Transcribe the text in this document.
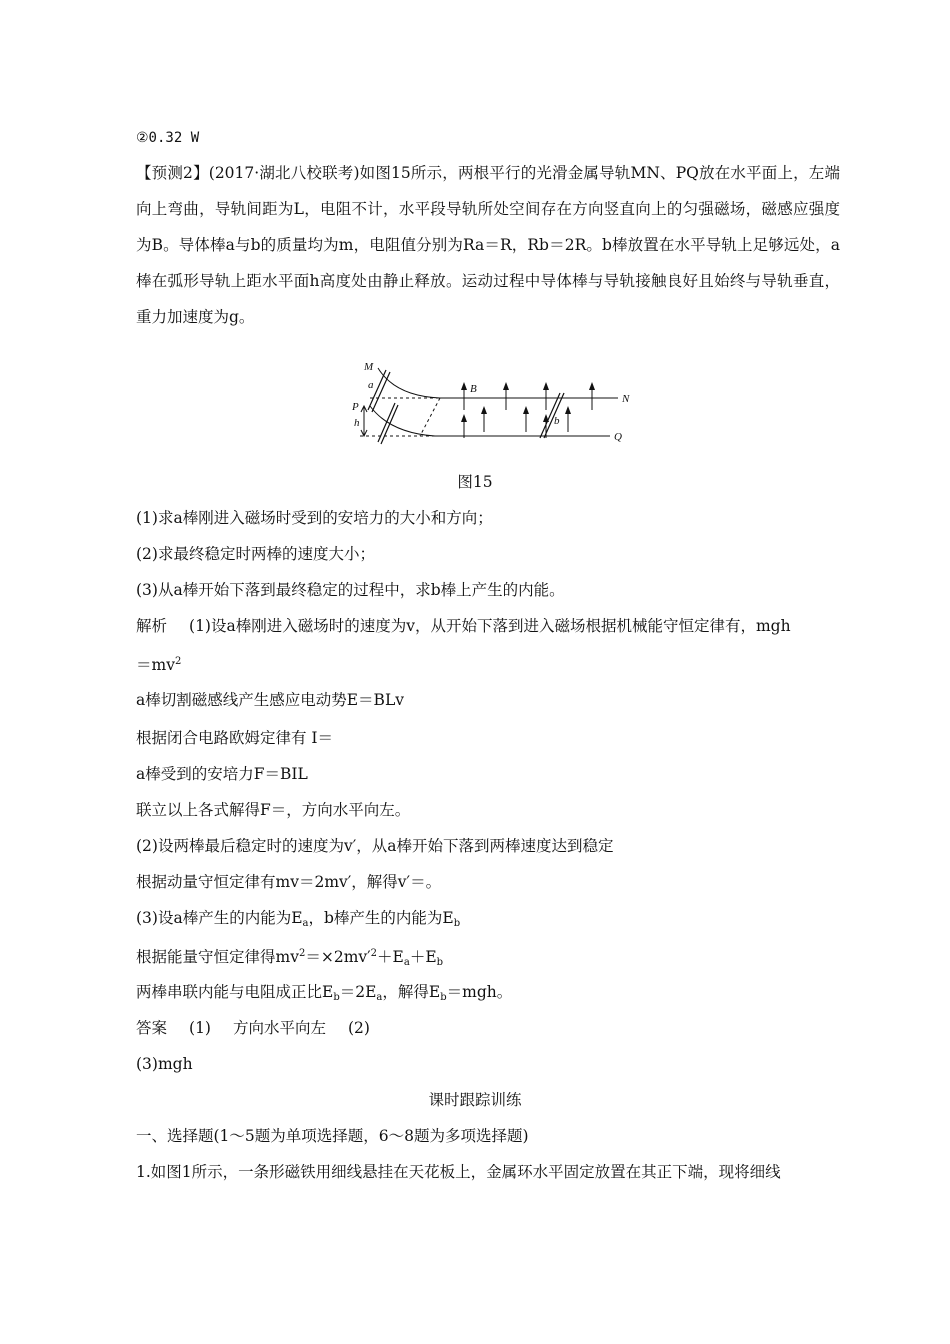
②0.32 W
【预测2】(2017·湖北八校联考)如图15所示，两根平行的光滑金属导轨MN、PQ放在水平面上，左端向上弯曲，导轨间距为L，电阻不计，水平段导轨所处空间存在方向竖直向上的匀强磁场，磁感应强度为B。导体棒a与b的质量均为m，电阻值分别为Ra＝R，Rb＝2R。b棒放置在水平导轨上足够远处，a棒在弧形导轨上距水平面h高度处由静止释放。运动过程中导体棒与导轨接触良好且始终与导轨垂直，重力加速度为g。
M
N
P
Q
a
b
h
B
图15
(1)求a棒刚进入磁场时受到的安培力的大小和方向；
(2)求最终稳定时两棒的速度大小；
(3)从a棒开始下落到最终稳定的过程中，求b棒上产生的内能。
解析 (1)设a棒刚进入磁场时的速度为v，从开始下落到进入磁场根据机械能守恒定律有，mgh
$=mv^2$
a棒切割磁感线产生感应电动势E＝BLv
根据闭合电路欧姆定律有 I＝
a棒受到的安培力F＝BIL
联立以上各式解得F＝，方向水平向左。
(2)设两棒最后稳定时的速度为v′，从a棒开始下落到两棒速度达到稳定
根据动量守恒定律有mv＝2mv′，解得v′＝。
(3)设a棒产生的内能为$E_a$，b棒产生的内能为$E_b$
根据能量守恒定律得$mv^2=\times 2mv'^2+E_a+E_b$
两棒串联内能与电阻成正比$E_b=2E_a$，解得$E_b=mgh$。
答案 (1) 方向水平向左 (2)
(3)mgh
课时跟踪训练
一、选择题(1～5题为单项选择题，6～8题为多项选择题)
1.如图1所示，一条形磁铁用细线悬挂在天花板上，金属环水平固定放置在其正下端，现将细线
